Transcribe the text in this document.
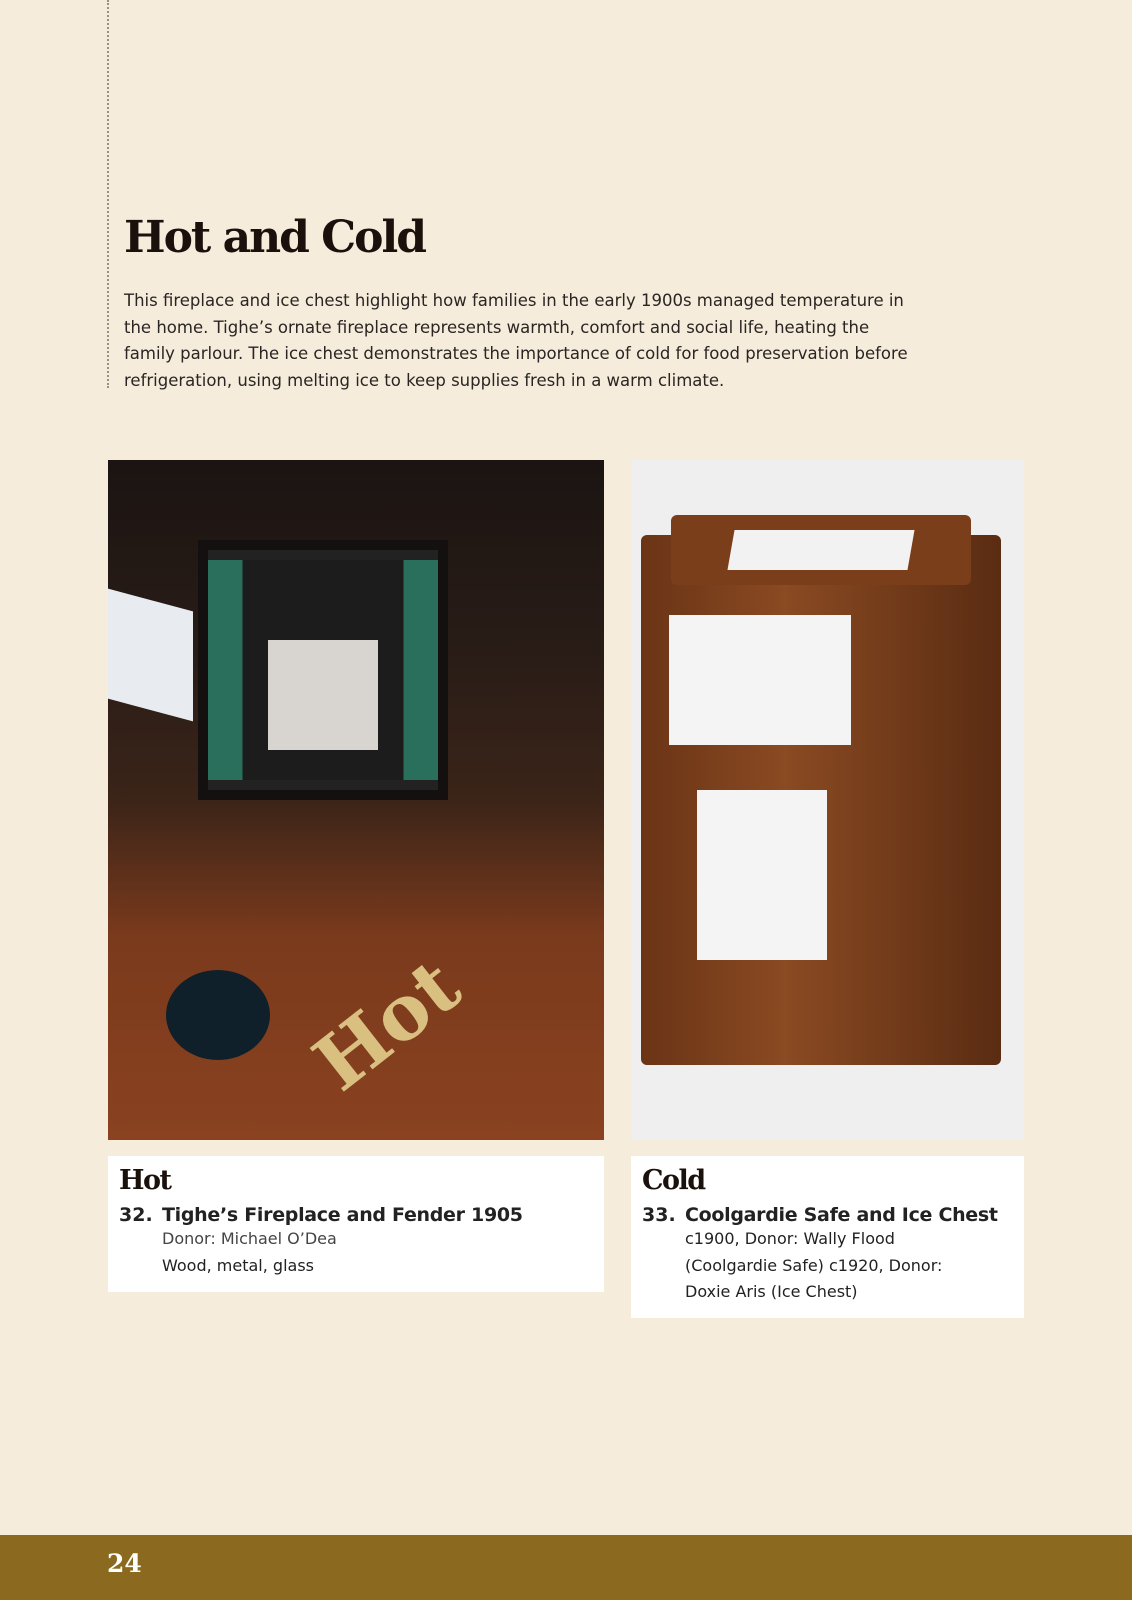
Hot and Cold

This fireplace and ice chest highlight how families in the early 1900s managed temperature in the home. Tighe’s ornate fireplace represents warmth, comfort and social life, heating the family parlour. The ice chest demonstrates the importance of cold for food preservation before refrigeration, using melting ice to keep supplies fresh in a warm climate.

Hot
Hot
32. Tighe’s Fireplace and Fender 1905
Donor: Michael O’Dea
Wood, metal, glass
Cold
33. Coolgardie Safe and Ice Chest
c1900, Donor: Wally Flood
(Coolgardie Safe) c1920, Donor:
Doxie Aris (Ice Chest)
24
